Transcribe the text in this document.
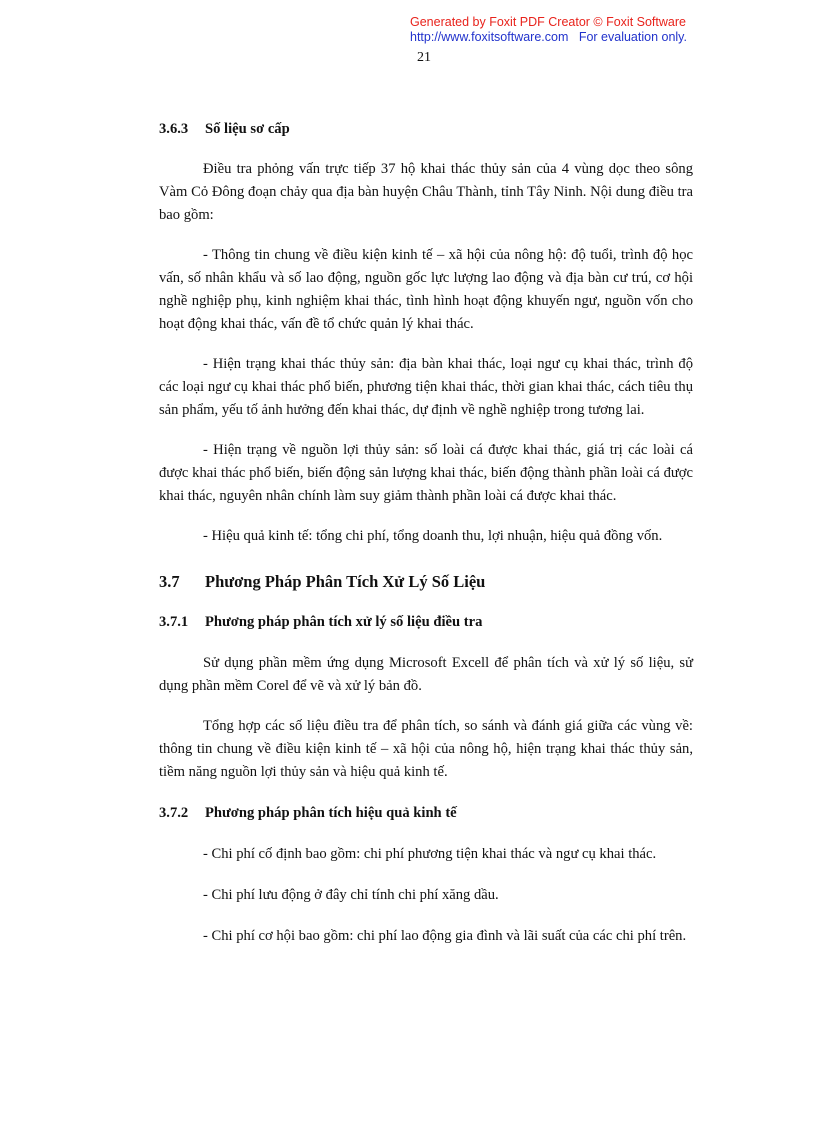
Generated by Foxit PDF Creator © Foxit Software
http://www.foxitsoftware.com For evaluation only.
21
3.6.3 Số liệu sơ cấp

Điều tra phỏng vấn trực tiếp 37 hộ khai thác thủy sản của 4 vùng dọc theo sông Vàm Cỏ Đông đoạn chảy qua địa bàn huyện Châu Thành, tỉnh Tây Ninh. Nội dung điều tra bao gồm:

- Thông tin chung về điều kiện kinh tế – xã hội của nông hộ: độ tuổi, trình độ học vấn, số nhân khẩu và số lao động, nguồn gốc lực lượng lao động và địa bàn cư trú, cơ hội nghề nghiệp phụ, kinh nghiệm khai thác, tình hình hoạt động khuyến ngư, nguồn vốn cho hoạt động khai thác, vấn đề tổ chức quản lý khai thác.

- Hiện trạng khai thác thủy sản: địa bàn khai thác, loại ngư cụ khai thác, trình độ các loại ngư cụ khai thác phổ biến, phương tiện khai thác, thời gian khai thác, cách tiêu thụ sản phẩm, yếu tố ảnh hưởng đến khai thác, dự định về nghề nghiệp trong tương lai.

- Hiện trạng về nguồn lợi thủy sản: số loài cá được khai thác, giá trị các loài cá được khai thác phổ biến, biến động sản lượng khai thác, biến động thành phần loài cá được khai thác, nguyên nhân chính làm suy giảm thành phần loài cá được khai thác.

- Hiệu quả kinh tế: tổng chi phí, tổng doanh thu, lợi nhuận, hiệu quả đồng vốn.

3.7 Phương Pháp Phân Tích Xử Lý Số Liệu
3.7.1 Phương pháp phân tích xử lý số liệu điều tra

Sử dụng phần mềm ứng dụng Microsoft Excell để phân tích và xử lý số liệu, sử dụng phần mềm Corel để vẽ và xử lý bản đồ.

Tổng hợp các số liệu điều tra để phân tích, so sánh và đánh giá giữa các vùng về: thông tin chung về điều kiện kinh tế – xã hội của nông hộ, hiện trạng khai thác thủy sản, tiềm năng nguồn lợi thủy sản và hiệu quả kinh tế.

3.7.2 Phương pháp phân tích hiệu quả kinh tế

- Chi phí cố định bao gồm: chi phí phương tiện khai thác và ngư cụ khai thác.

- Chi phí lưu động ở đây chỉ tính chi phí xăng dầu.

- Chi phí cơ hội bao gồm: chi phí lao động gia đình và lãi suất của các chi phí trên.
